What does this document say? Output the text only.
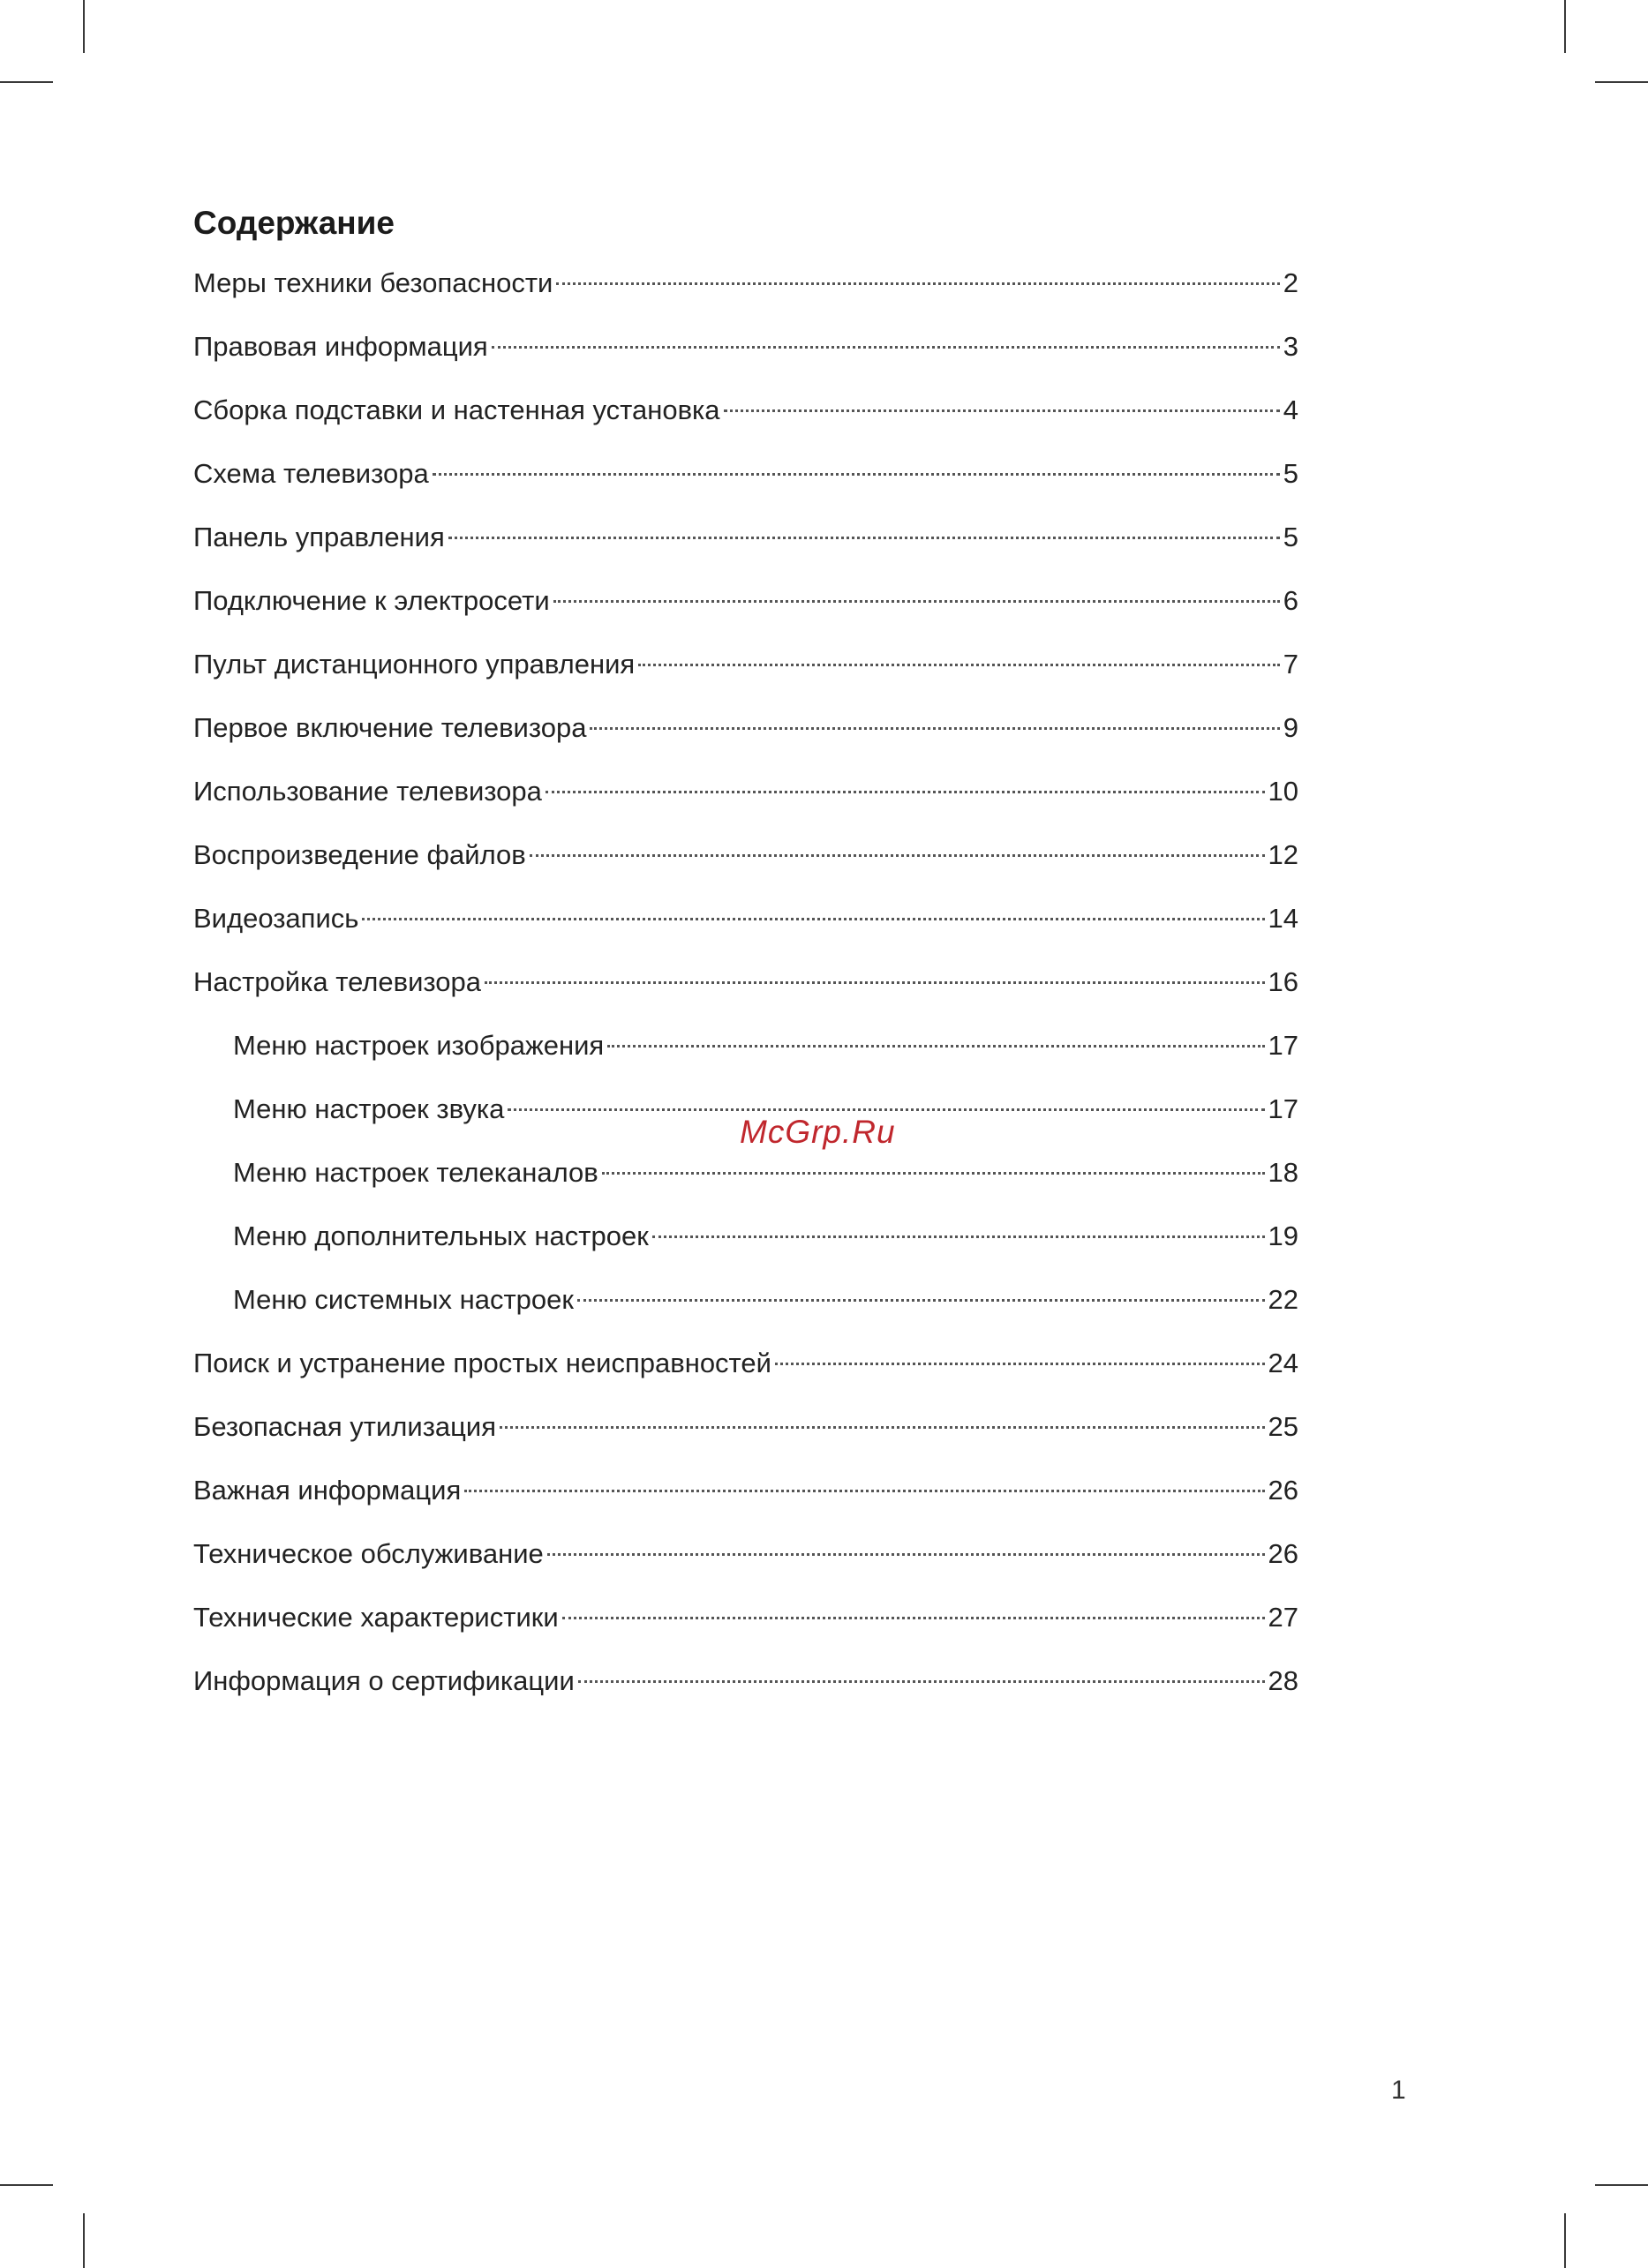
Содержание
Меры техники безопасности	2
Правовая информация	3
Сборка подставки и настенная установка	4
Схема телевизора	5
Панель управления	5
Подключение к электросети	6
Пульт дистанционного управления	7
Первое включение телевизора	9
Использование телевизора	10
Воспроизведение файлов	12
Видеозапись	14
Настройка телевизора	16
Меню настроек изображения	17
Меню настроек звука	17
Меню настроек телеканалов	18
Меню дополнительных настроек	19
Меню системных настроек	22
Поиск и устранение простых неисправностей	24
Безопасная утилизация	25
Важная информация	26
Техническое обслуживание	26
Технические характеристики	27
Информация о сертификации	28
McGrp.Ru
1
